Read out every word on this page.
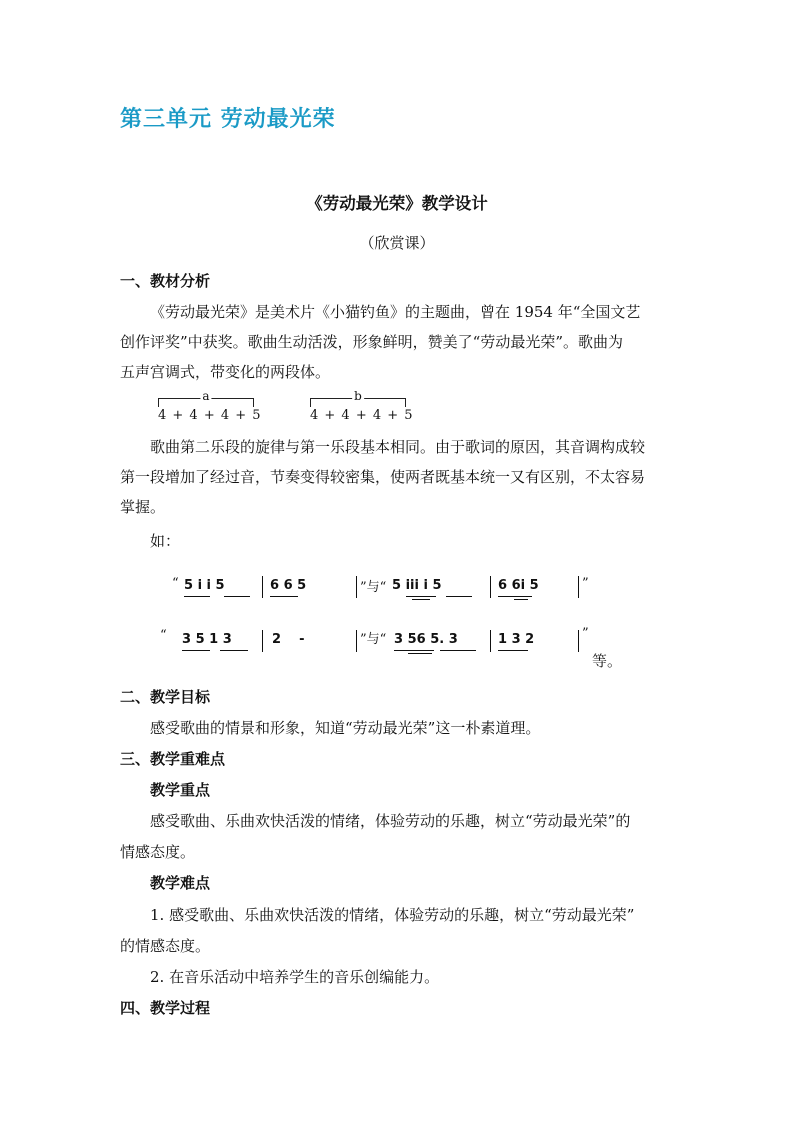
第三单元 劳动最光荣
《劳动最光荣》教学设计
（欣赏课）
一、教材分析
《劳动最光荣》是美术片《小猫钓鱼》的主题曲，曾在 1954 年“全国文艺
创作评奖”中获奖。歌曲生动活泼，形象鲜明，赞美了“劳动最光荣”。歌曲为
五声宫调式，带变化的两段体。
a
4 + 4 + 4 + 5
b
4 + 4 + 4 + 5
歌曲第二乐段的旋律与第一乐段基本相同。由于歌词的原因，其音调构成较
第一段增加了经过音，节奏变得较密集，使两者既基本统一又有区别，不太容易
掌握。
如：
“ 5 i i 5	6 6 5	”与“ 5 iii i 5	6 6i 5	”
“ 3 5 1 3	2    -	”与“ 3 56 5. 3	1 3 2	”
等。
二、教学目标
感受歌曲的情景和形象，知道“劳动最光荣”这一朴素道理。
三、教学重难点
教学重点
感受歌曲、乐曲欢快活泼的情绪，体验劳动的乐趣，树立“劳动最光荣”的
情感态度。
教学难点
1. 感受歌曲、乐曲欢快活泼的情绪，体验劳动的乐趣，树立“劳动最光荣”
的情感态度。
2. 在音乐活动中培养学生的音乐创编能力。
四、教学过程
